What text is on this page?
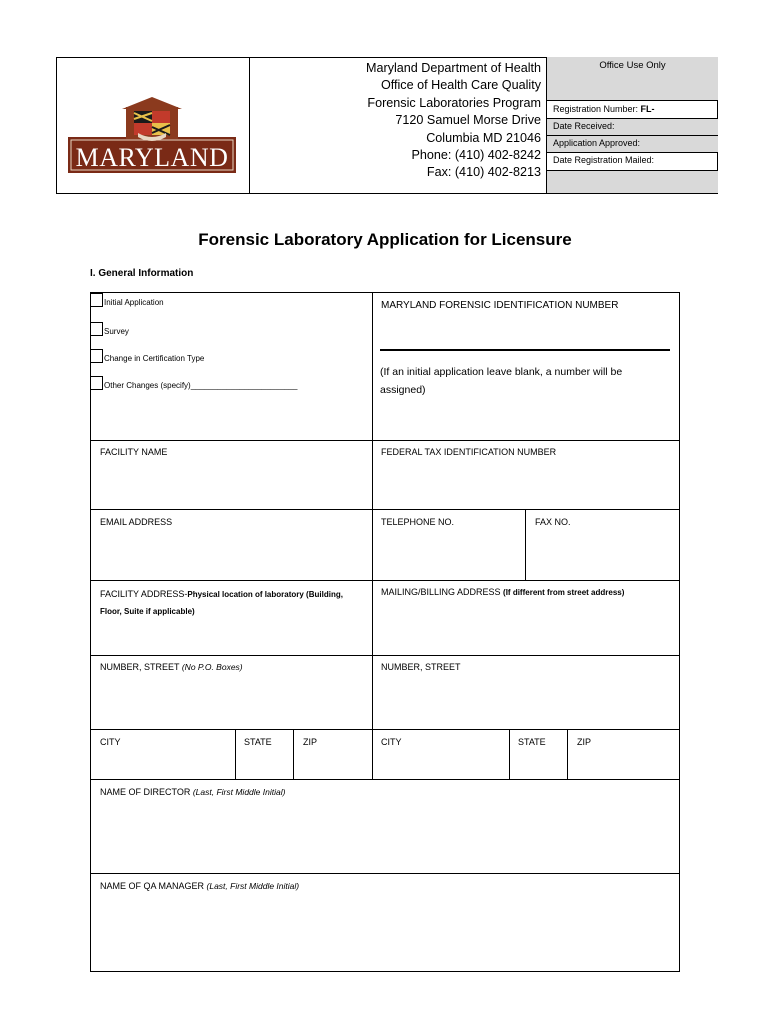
MARYLAND
Maryland Department of Health
Office of Health Care Quality
Forensic Laboratories Program
7120 Samuel Morse Drive
Columbia MD 21046
Phone: (410) 402-8242
Fax: (410) 402-8213
Office Use Only
Registration Number: FL-
Date Received:
Application Approved:
Date Registration Mailed:
Forensic Laboratory Application for Licensure
I. General Information
Initial Application
Survey
Change in Certification Type
Other Changes (specify)________________________
MARYLAND FORENSIC IDENTIFICATION NUMBER
(If an initial application leave blank, a number will be assigned)
FACILITY NAME	FEDERAL TAX IDENTIFICATION NUMBER
EMAIL ADDRESS	TELEPHONE NO.	FAX NO.
FACILITY ADDRESS-Physical location of laboratory (Building,
Floor, Suite if applicable)
MAILING/BILLING ADDRESS (If different from street address)
NUMBER, STREET (No P.O. Boxes)	NUMBER, STREET
CITY	STATE	ZIP	CITY	STATE	ZIP
NAME OF DIRECTOR (Last, First Middle Initial)
NAME OF QA MANAGER (Last, First Middle Initial)
